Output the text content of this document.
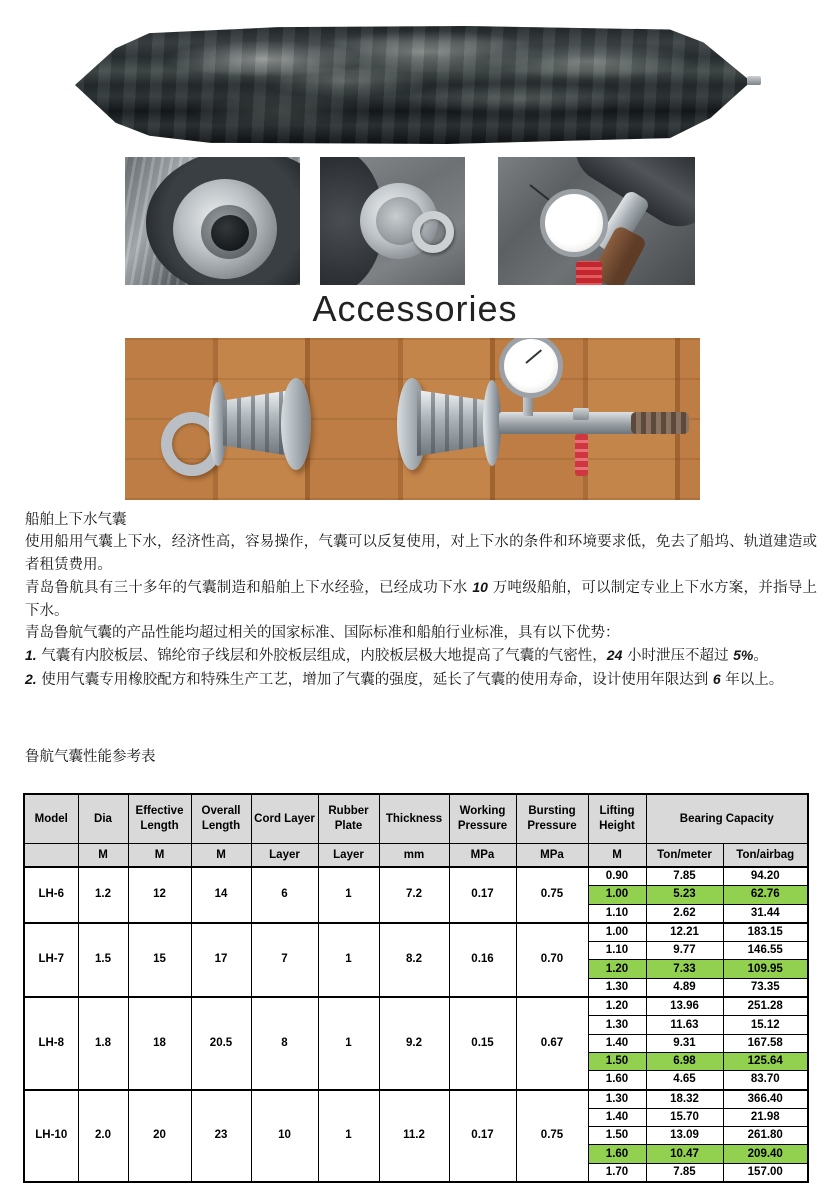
Accessories

船舶上下水气囊

使用船用气囊上下水，经济性高，容易操作，气囊可以反复使用，对上下水的条件和环境要求低，免去了船坞、轨道建造或者租赁费用。

青岛鲁航具有三十多年的气囊制造和船舶上下水经验，已经成功下水 10 万吨级船舶，可以制定专业上下水方案，并指导上下水。

青岛鲁航气囊的产品性能均超过相关的国家标准、国际标准和船舶行业标准，具有以下优势：

1. 气囊有内胶板层、锦纶帘子线层和外胶板层组成，内胶板层极大地提高了气囊的气密性，24 小时泄压不超过 5%。

2. 使用气囊专用橡胶配方和特殊生产工艺，增加了气囊的强度，延长了气囊的使用寿命，设计使用年限达到 6 年以上。

鲁航气囊性能参考表
Model	Dia	Effective Length	Overall Length	Cord Layer	Rubber Plate	Thickness	Working Pressure	Bursting Pressure	Lifting Height	Bearing Capacity	
	M	M	M	Layer	Layer	mm	MPa	MPa	M	Ton/meter	Ton/airbag
LH-6	1.2	12	14	6	1	7.2	0.17	0.75	0.90	7.85	94.20
									1.00	5.23	62.76
									1.10	2.62	31.44
LH-7	1.5	15	17	7	1	8.2	0.16	0.70	1.00	12.21	183.15
									1.10	9.77	146.55
									1.20	7.33	109.95
									1.30	4.89	73.35
LH-8	1.8	18	20.5	8	1	9.2	0.15	0.67	1.20	13.96	251.28
									1.30	11.63	15.12
									1.40	9.31	167.58
									1.50	6.98	125.64
									1.60	4.65	83.70
LH-10	2.0	20	23	10	1	11.2	0.17	0.75	1.30	18.32	366.40
									1.40	15.70	21.98
									1.50	13.09	261.80
									1.60	10.47	209.40
									1.70	7.85	157.00
